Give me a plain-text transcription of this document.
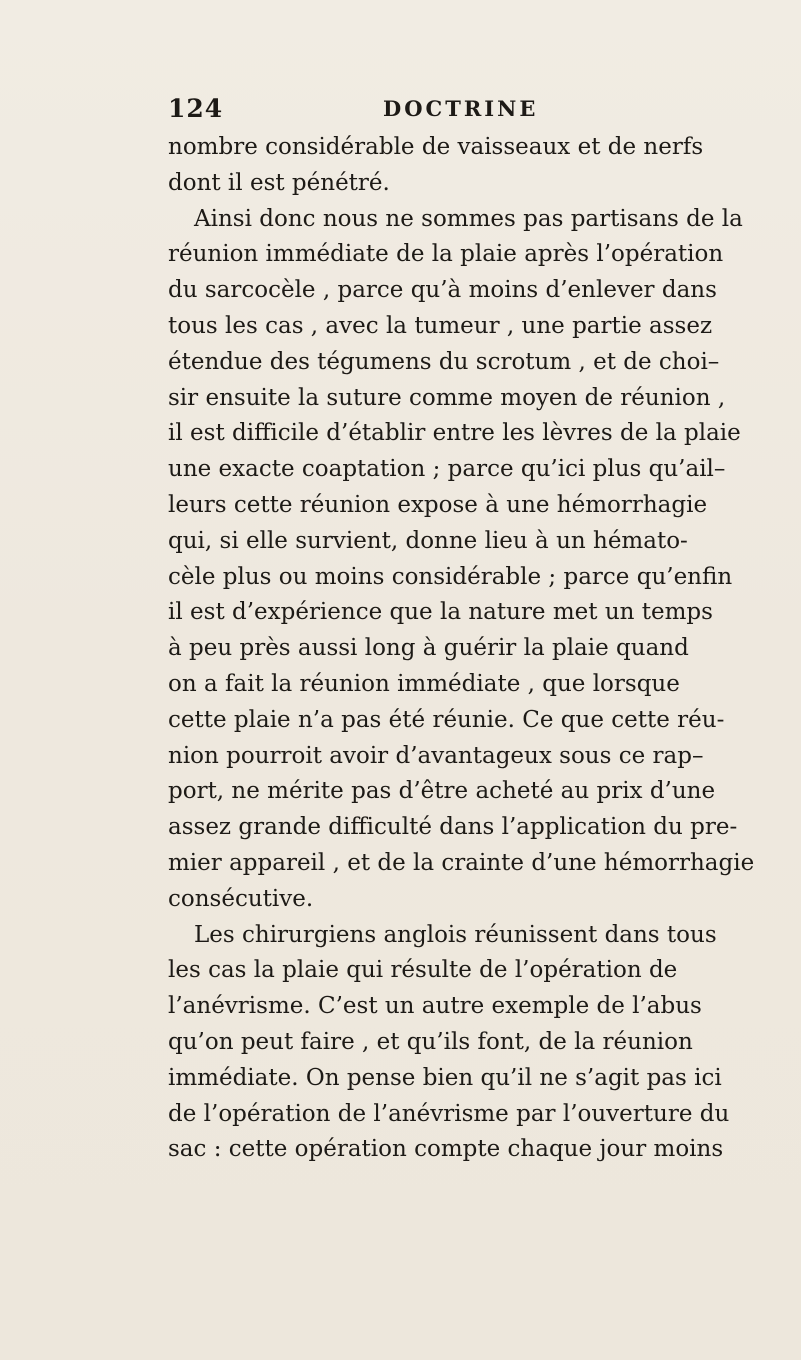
124	DOCTRINE
nombre considérable de vaisseaux et de nerfs
dont il est pénétré.
Ainsi donc nous ne sommes pas partisans de la
réunion immédiate de la plaie après l’opération
du sarcocèle , parce qu’à moins d’enlever dans
tous les cas , avec la tumeur , une partie assez
étendue des tégumens du scrotum , et de choi–
sir ensuite la suture comme moyen de réunion ,
il est difficile d’établir entre les lèvres de la plaie
une exacte coaptation ; parce qu’ici plus qu’ail–
leurs cette réunion expose à une hémorrhagie
qui, si elle survient, donne lieu à un hémato-
cèle plus ou moins considérable ; parce qu’enfin
il est d’expérience que la nature met un temps
à peu près aussi long à guérir la plaie quand
on a fait la réunion immédiate , que lorsque
cette plaie n’a pas été réunie. Ce que cette réu-
nion pourroit avoir d’avantageux sous ce rap–
port, ne mérite pas d’être acheté au prix d’une
assez grande difficulté dans l’application du pre-
mier appareil , et de la crainte d’une hémorrhagie
consécutive.
Les chirurgiens anglois réunissent dans tous
les cas la plaie qui résulte de l’opération de
l’anévrisme. C’est un autre exemple de l’abus
qu’on peut faire , et qu’ils font, de la réunion
immédiate. On pense bien qu’il ne s’agit pas ici
de l’opération de l’anévrisme par l’ouverture du
sac : cette opération compte chaque jour moins
